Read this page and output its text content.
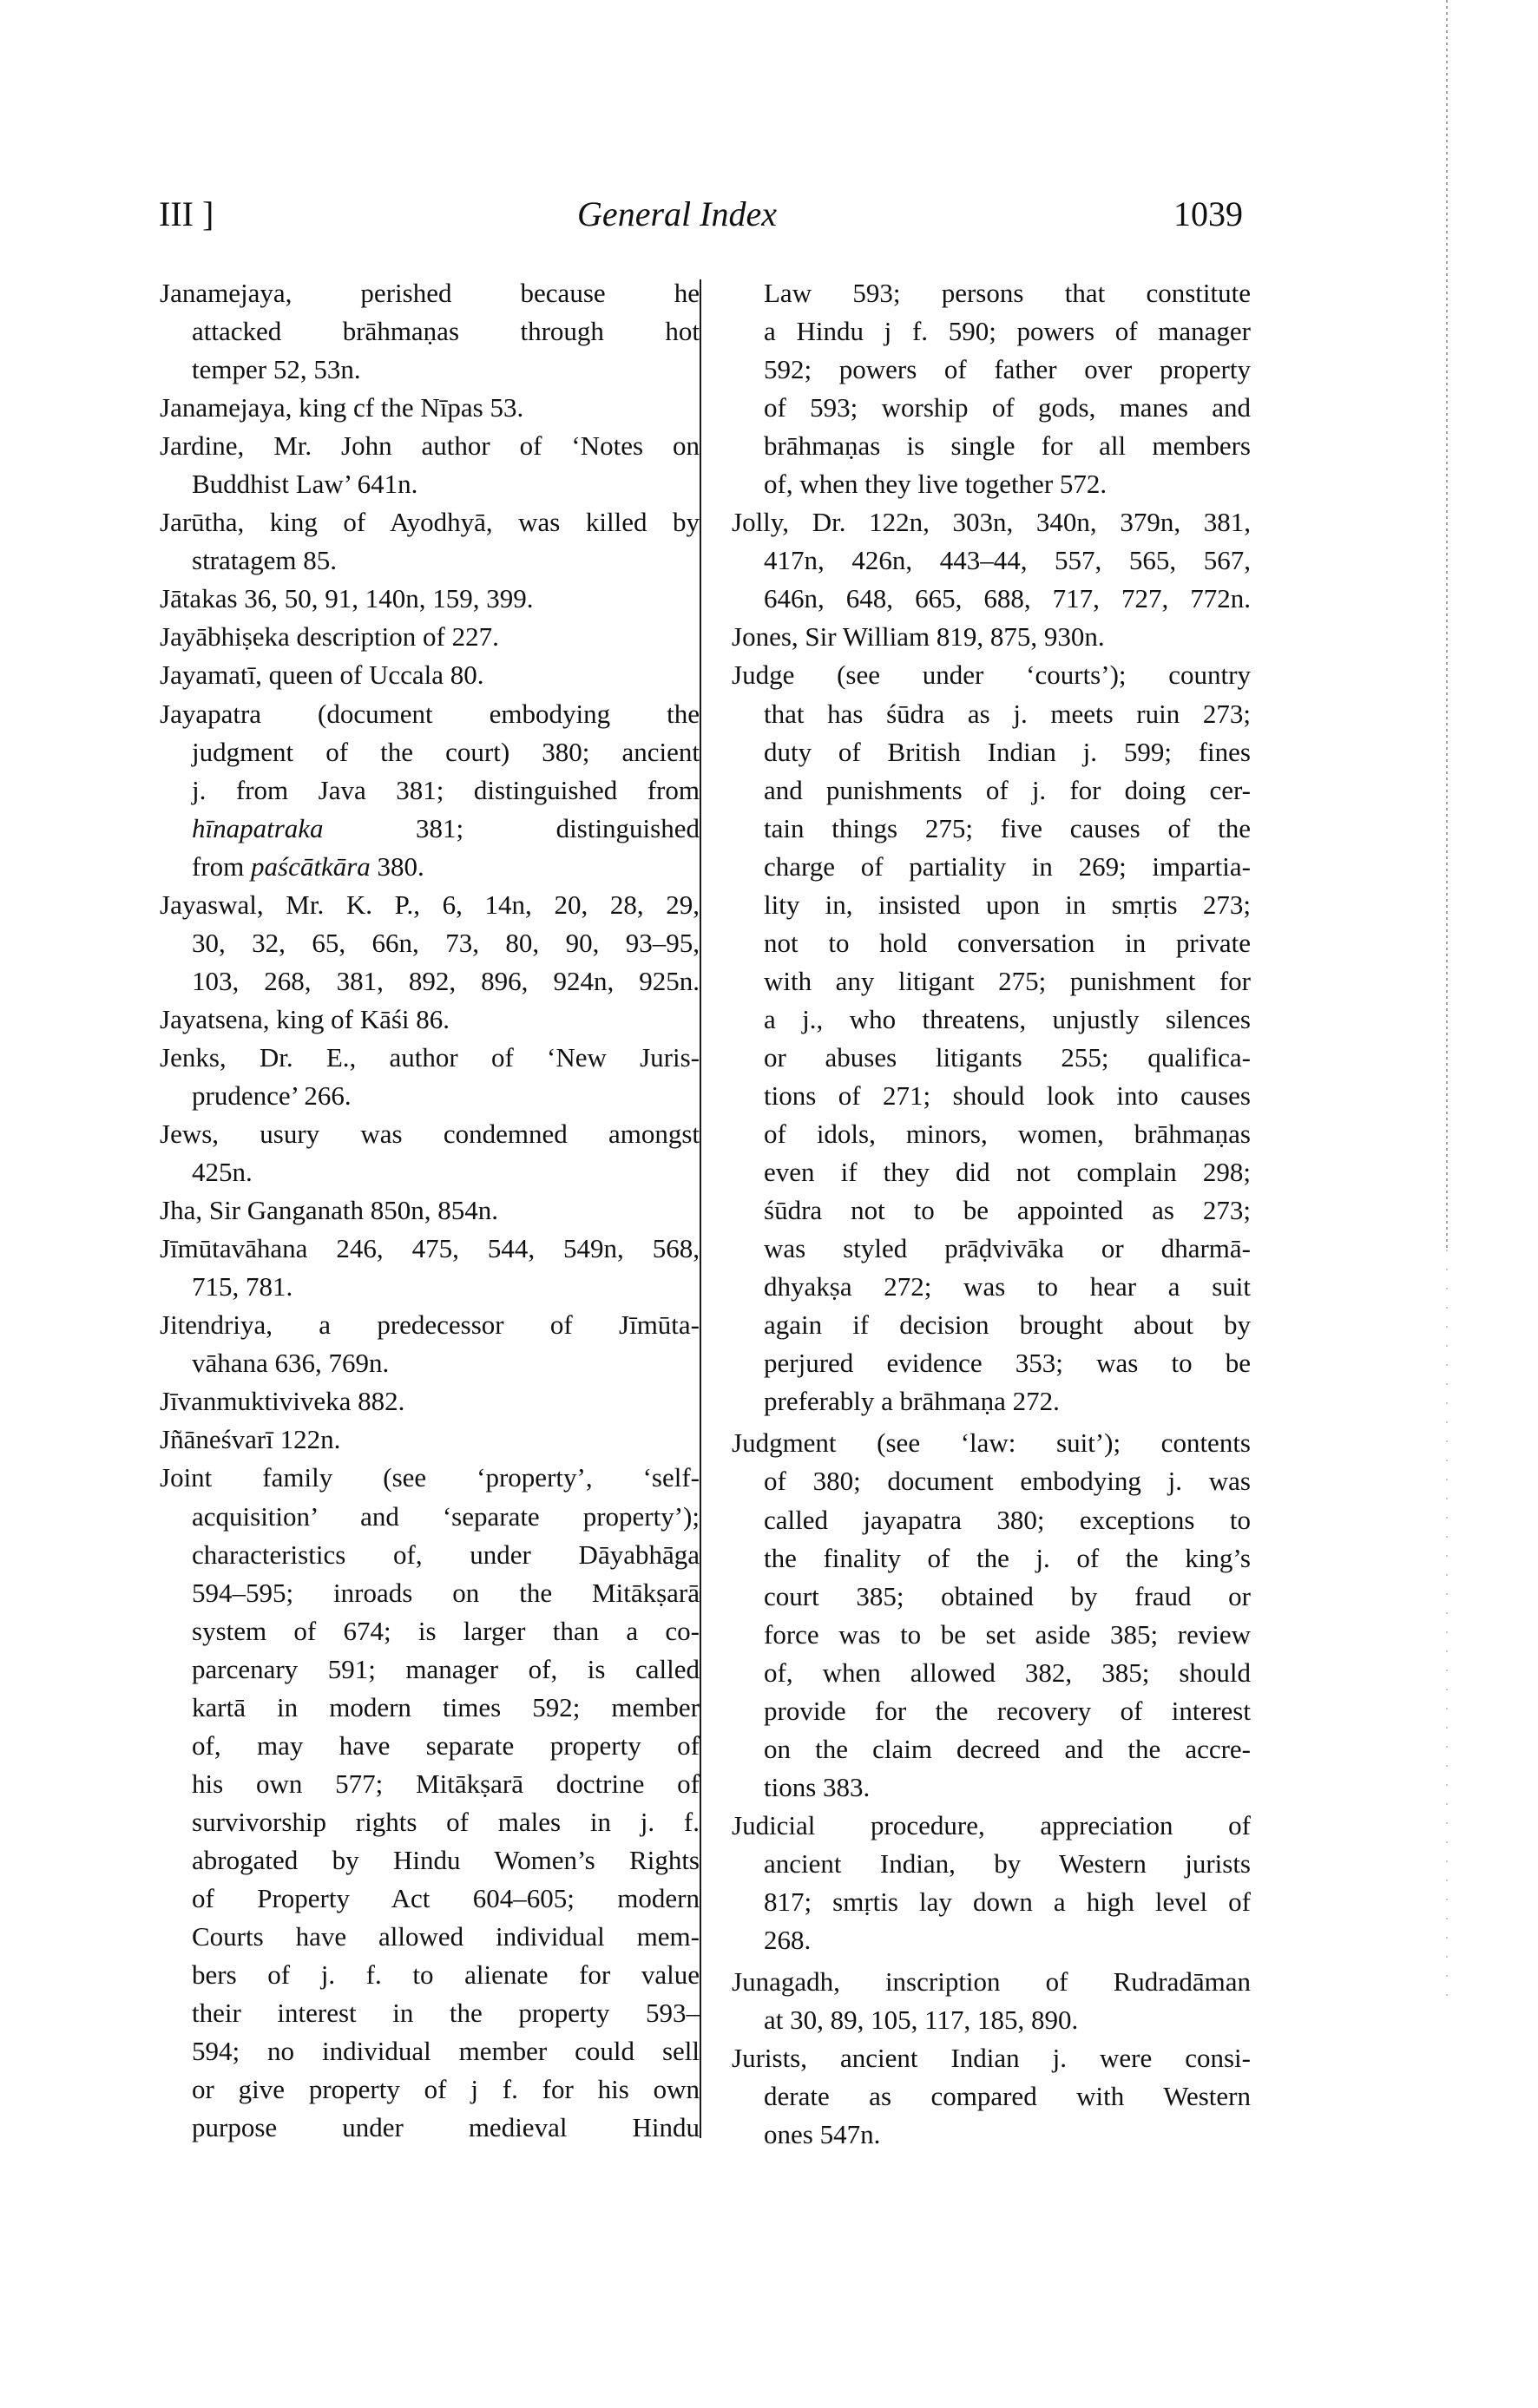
III ]	General Index	1039
Janamejaya, perished because he
attacked brāhmaṇas through hot
temper 52, 53n.
Janamejaya, king cf the Nīpas 53.
Jardine, Mr. John author of ‘Notes on
Buddhist Law’ 641n.
Jarūtha, king of Ayodhyā, was killed by
stratagem 85.
Jātakas 36, 50, 91, 140n, 159, 399.
Jayābhiṣeka description of 227.
Jayamatī, queen of Uccala 80.
Jayapatra (document embodying the
judgment of the court) 380; ancient
j. from Java 381; distinguished from
hīnapatraka 381; distinguished
from paścātkāra 380.
Jayaswal, Mr. K. P., 6, 14n, 20, 28, 29,
30, 32, 65, 66n, 73, 80, 90, 93–95,
103, 268, 381, 892, 896, 924n, 925n.
Jayatsena, king of Kāśi 86.
Jenks, Dr. E., author of ‘New Juris-
prudence’ 266.
Jews, usury was condemned amongst
425n.
Jha, Sir Ganganath 850n, 854n.
Jīmūtavāhana 246, 475, 544, 549n, 568,
715, 781.
Jitendriya, a predecessor of Jīmūta-
vāhana 636, 769n.
Jīvanmuktiviveka 882.
Jñāneśvarī 122n.
Joint family (see ‘property’, ‘self-
acquisition’ and ‘separate property’);
characteristics of, under Dāyabhāga
594–595; inroads on the Mitākṣarā
system of 674; is larger than a co-
parcenary 591; manager of, is called
kartā in modern times 592; member
of, may have separate property of
his own 577; Mitākṣarā doctrine of
survivorship rights of males in j. f.
abrogated by Hindu Women’s Rights
of Property Act 604–605; modern
Courts have allowed individual mem-
bers of j. f. to alienate for value
their interest in the property 593–
594; no individual member could sell
or give property of j f. for his own
purpose under medieval Hindu
Law 593; persons that constitute
a Hindu j f. 590; powers of manager
592; powers of father over property
of 593; worship of gods, manes and
brāhmaṇas is single for all members
of, when they live together 572.
Jolly, Dr. 122n, 303n, 340n, 379n, 381,
417n, 426n, 443–44, 557, 565, 567,
646n, 648, 665, 688, 717, 727, 772n.
Jones, Sir William 819, 875, 930n.
Judge (see under ‘courts’); country
that has śūdra as j. meets ruin 273;
duty of British Indian j. 599; fines
and punishments of j. for doing cer-
tain things 275; five causes of the
charge of partiality in 269; impartia-
lity in, insisted upon in smṛtis 273;
not to hold conversation in private
with any litigant 275; punishment for
a j., who threatens, unjustly silences
or abuses litigants 255; qualifica-
tions of 271; should look into causes
of idols, minors, women, brāhmaṇas
even if they did not complain 298;
śūdra not to be appointed as 273;
was styled prāḍvivāka or dharmā-
dhyakṣa 272; was to hear a suit
again if decision brought about by
perjured evidence 353; was to be
preferably a brāhmaṇa 272.
Judgment (see ‘law: suit’); contents
of 380; document embodying j. was
called jayapatra 380; exceptions to
the finality of the j. of the king’s
court 385; obtained by fraud or
force was to be set aside 385; review
of, when allowed 382, 385; should
provide for the recovery of interest
on the claim decreed and the accre-
tions 383.
Judicial procedure, appreciation of
ancient Indian, by Western jurists
817; smṛtis lay down a high level of
268.
Junagadh, inscription of Rudradāman
at 30, 89, 105, 117, 185, 890.
Jurists, ancient Indian j. were consi-
derate as compared with Western
ones 547n.
